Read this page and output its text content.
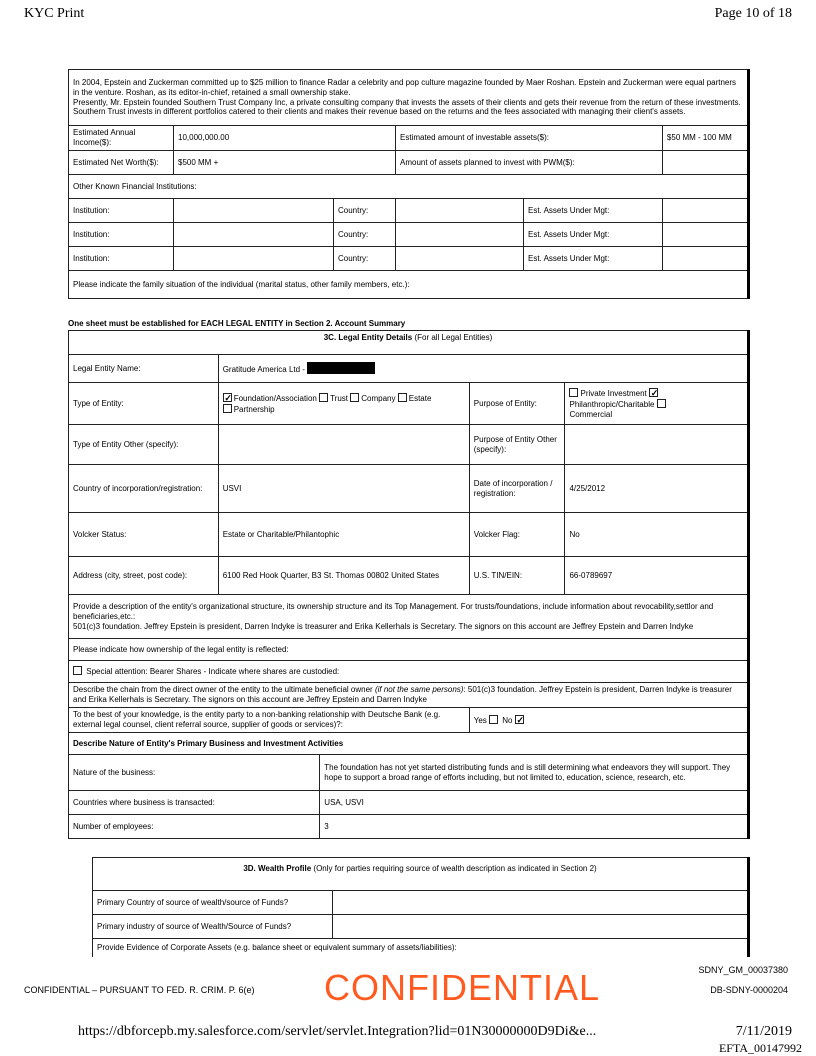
KYC Print	Page 10 of 18
In 2004, Epstein and Zuckerman committed up to $25 million to finance Radar a celebrity and pop culture magazine founded by Maer Roshan. Epstein and Zuckerman were equal partners in the venture. Roshan, as its editor-in-chief, retained a small ownership stake.
Presently, Mr. Epstein founded Southern Trust Company Inc, a private consulting company that invests the assets of their clients and gets their revenue from the return of these investments. Southern Trust invests in different portfolios catered to their clients and makes their revenue based on the returns and the fees associated with managing their client's assets.					

Estimated Annual Income($):	10,000,000.00		Estimated amount of investable assets($):		$50 MM - 100 MM
Estimated Net Worth($):	$500 MM +		Amount of assets planned to invest with PWM($):		
Other Known Financial Institutions:					
Institution:		Country:		Est. Assets Under Mgt:	
Institution:		Country:		Est. Assets Under Mgt:	
Institution:		Country:		Est. Assets Under Mgt:	
Please indicate the family situation of the individual (marital status, other family members, etc.):					
One sheet must be established for EACH LEGAL ENTITY in Section 2. Account Summary
3C. Legal Entity Details (For all Legal Entities)				
Legal Entity Name:	Gratitude America Ltd -			
Type of Entity:	✓Foundation/Association Trust Company Estate
Partnership		Purpose of Entity:	Private Investment ✓
Philanthropic/Charitable
Commercial
Type of Entity Other (specify):			Purpose of Entity Other (specify):	
Country of incorporation/registration:	USVI		Date of incorporation / registration:	4/25/2012
Volcker Status:	Estate or Charitable/Philantophic		Volcker Flag:	No
Address (city, street, post code):	6100 Red Hook Quarter, B3 St. Thomas 00802 United States		U.S. TIN/EIN:	66-0789697

Provide a description of the entity's organizational structure, its ownership structure and its Top Management. For trusts/foundations, include information about revocability,settlor and beneficiaries,etc.:
501(c)3 foundation. Jeffrey Epstein is president, Darren Indyke is treasurer and Erika Kellerhals is Secretary. The signors on this account are Jeffrey Epstein and Darren Indyke				

Please indicate how ownership of the legal entity is reflected:				
Special attention: Bearer Shares - Indicate where shares are custodied:				
Describe the chain from the direct owner of the entity to the ultimate beneficial owner (if not the same persons): 501(c)3 foundation. Jeffrey Epstein is president, Darren Indyke is treasurer and Erika Kellerhals is Secretary. The signors on this account are Jeffrey Epstein and Darren Indyke				
To the best of your knowledge, is the entity party to a non-banking relationship with Deutsche Bank (e.g. external legal counsel, client referral source, supplier of goods or services)?:			Yes No ✓
Describe Nature of Entity's Primary Business and Investment Activities				
Nature of the business:		The foundation has not yet started distributing funds and is still determining what endeavors they will support. They hope to support a broad range of efforts including, but not limited to, education, science, research, etc.		
Countries where business is transacted:		USA, USVI		
Number of employees:		3		
3D. Wealth Profile (Only for parties requiring source of wealth description as indicated in Section 2)	
Primary Country of source of wealth/source of Funds?	
Primary industry of source of Wealth/Source of Funds?	
Provide Evidence of Corporate Assets (e.g. balance sheet or equivalent summary of assets/liabilities):	
SDNY_GM_00037380
DB-SDNY-0000204
CONFIDENTIAL – PURSUANT TO FED. R. CRIM. P. 6(e) CONFIDENTIAL
https://dbforcepb.my.salesforce.com/servlet/servlet.Integration?lid=01N30000000D9Di&e...	7/11/2019
EFTA_00147992
